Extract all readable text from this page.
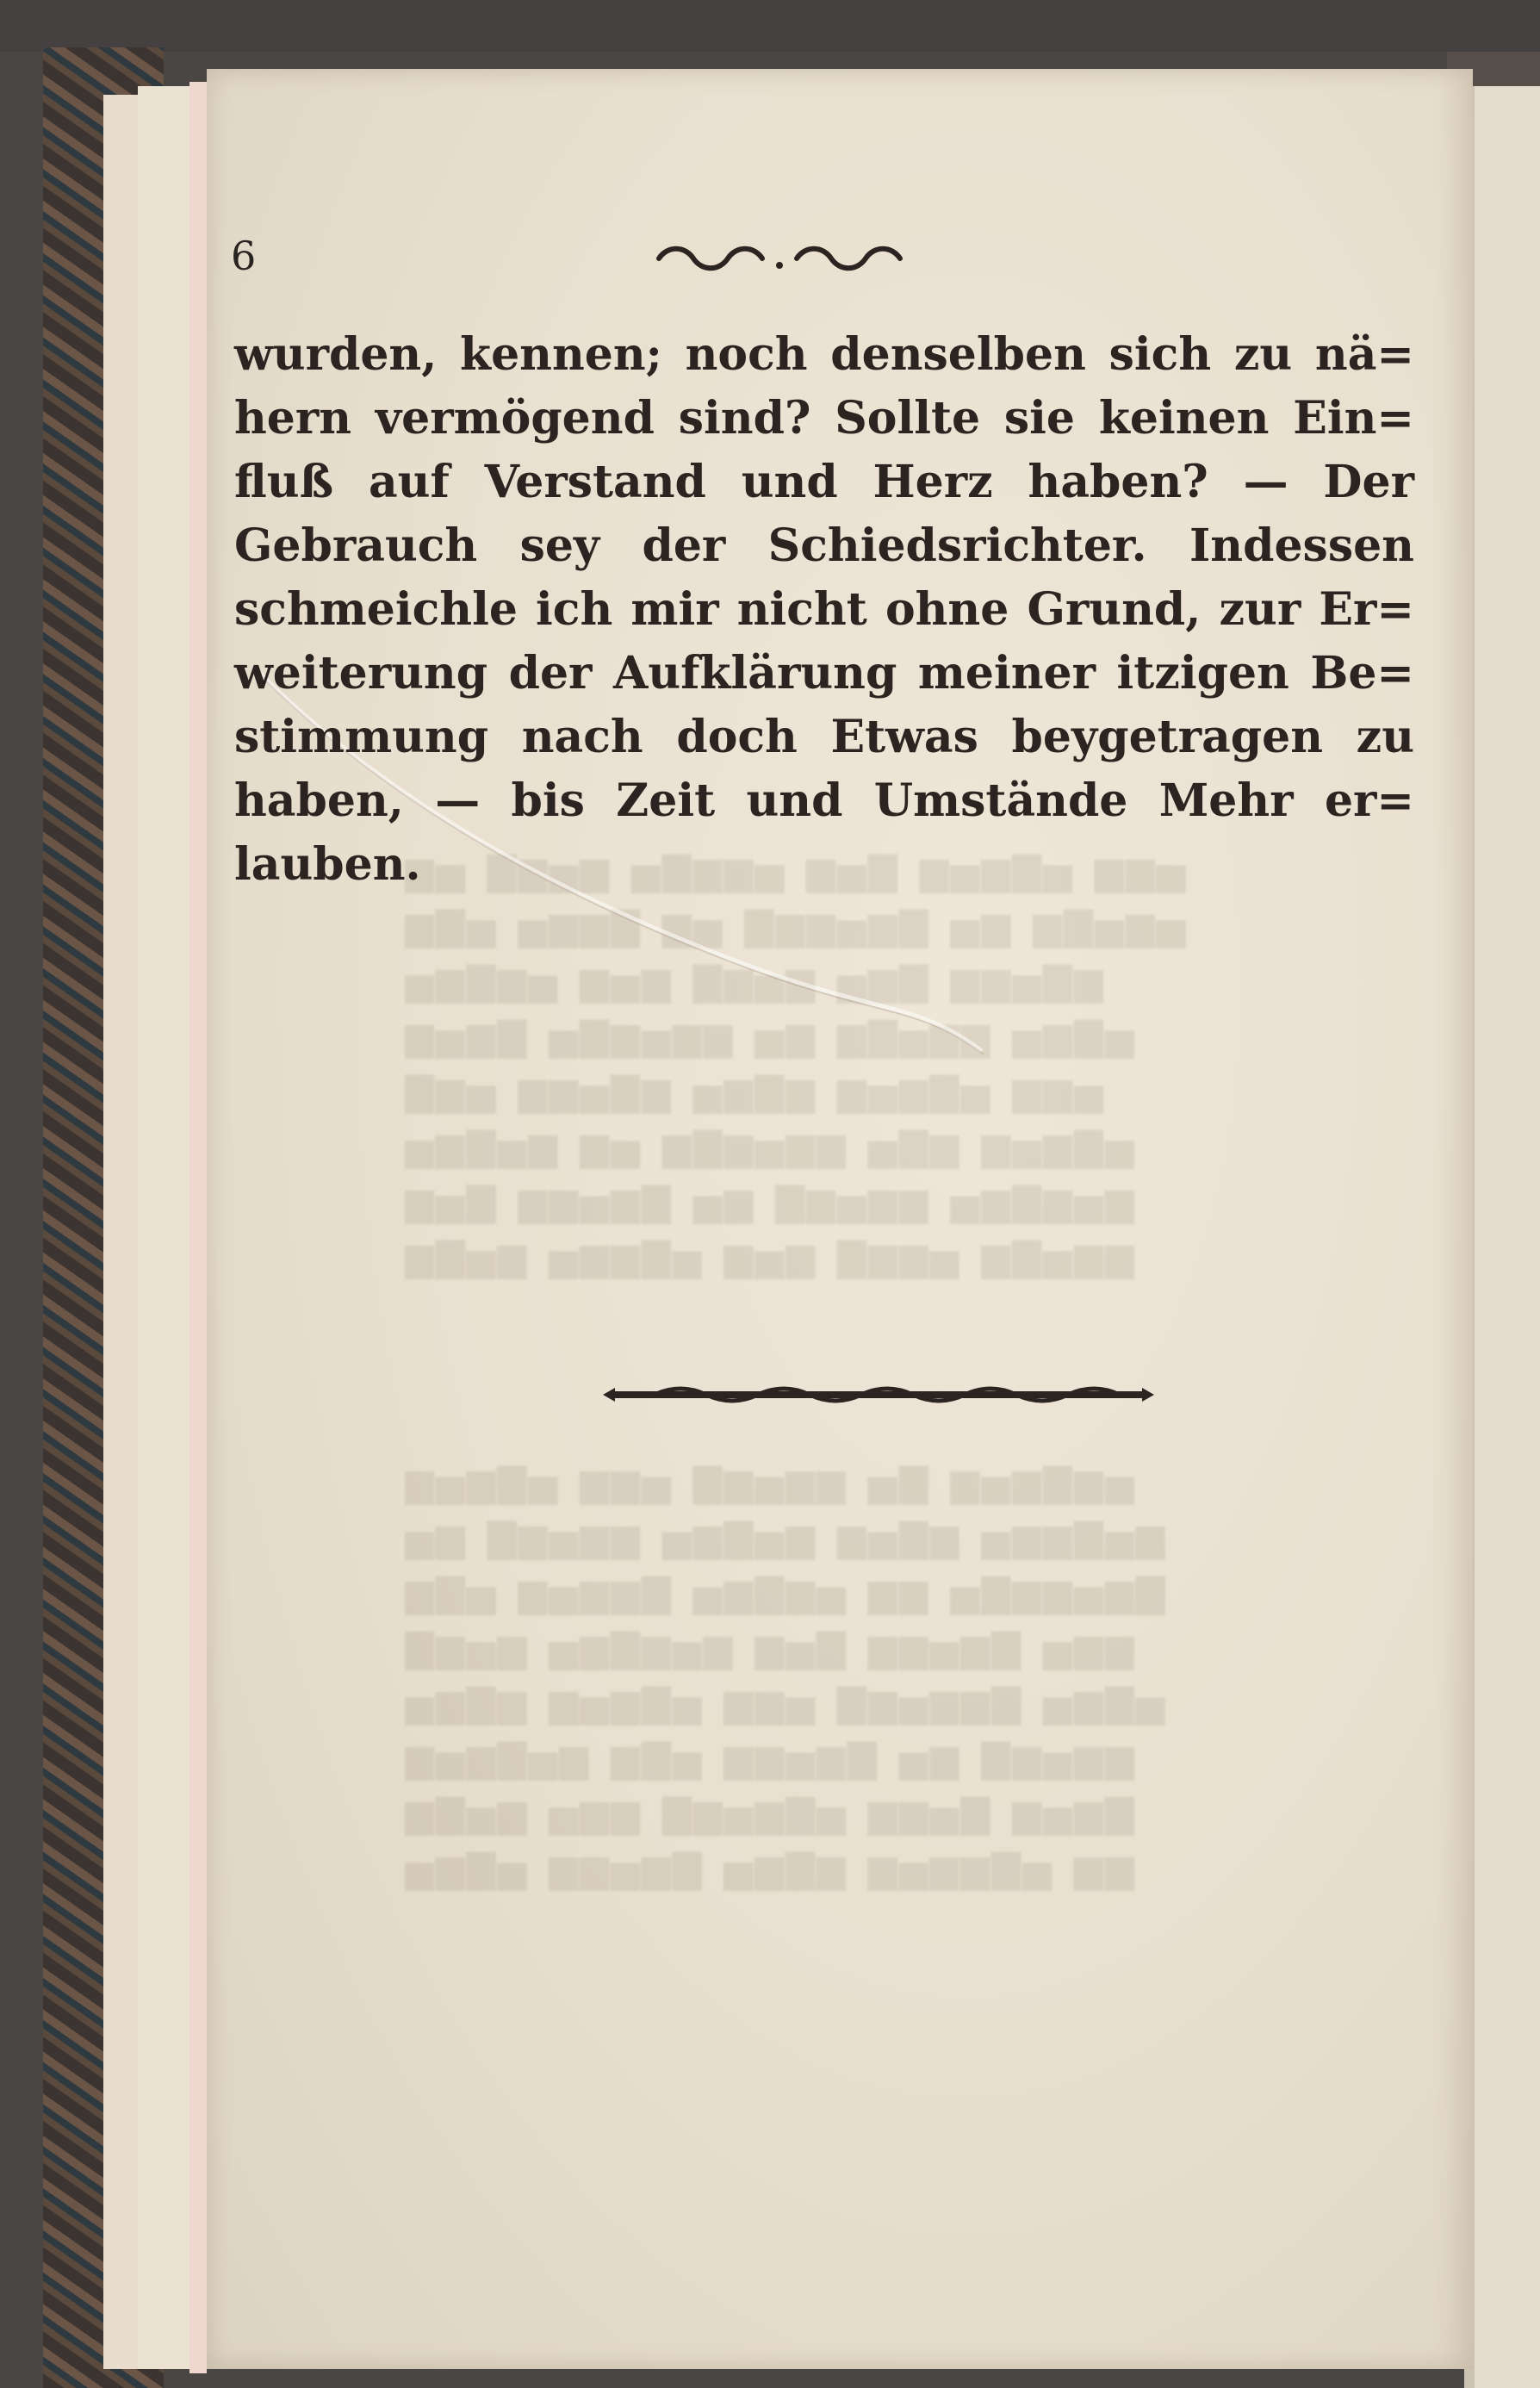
▆▅ ▇▆▅▆ ▅▇▆▆▅ ▆▅▇ ▆▅▆▇▅ ▆▆▅
▆▇▅ ▅▆▆▇ ▆▅ ▇▆▆▅▆▇ ▅▆ ▆▇▅▆▅
▅▆▇▆▅ ▆▅▆ ▇▆▅▆ ▅▆▇ ▆▆▅▇▆
▆▅▆▇ ▅▇▆▅▆▆ ▅▆ ▆▇▅▆▆ ▅▆▇▅
▇▆▅ ▆▆▅▇▆ ▅▆▇▆ ▆▅▆▇▅ ▆▆▅
▅▆▇▅▆ ▆▅ ▆▇▆▅▆▆ ▅▇▆ ▆▅▆▇▅
▆▅▇ ▆▆▅▆▇ ▅▆ ▇▆▅▆▆ ▅▆▇▆▅▆
▆▇▅▆ ▅▆▆▇▅ ▆▅▆ ▇▆▆▅ ▆▇▅▆▆
▆▅▆▇▅ ▆▆▅ ▇▆▅▆▆ ▅▇ ▆▅▆▇▆▅
▅▆ ▇▆▅▆▆ ▅▆▇▅▆ ▆▅▇▆ ▅▆▆▇▅▆
▆▇▅ ▆▅▆▆▇ ▅▆▇▆▅ ▆▆ ▅▇▆▆▅▆▇
▇▆▅▆ ▅▆▇▆▅▆ ▆▅▇ ▆▆▅▆▇ ▅▆▆
▅▆▇▆ ▆▅▆▇▅ ▆▆▅ ▇▆▅▆▆▇ ▅▆▇▅
▆▅▆▇▅▆ ▆▇▅ ▆▆▅▆▇ ▅▆ ▇▆▅▆▆
▆▇▅▆ ▅▆▆ ▇▆▅▆▇▅ ▆▆▅▇ ▆▅▆▇
▅▆▇▅ ▆▆▅▆▇ ▅▆▇▆ ▆▅▆▆▇▅ ▆▆
6
wurden, kennen; noch denselben sich zu nä=
hern vermögend sind? Sollte sie keinen Ein=
fluß auf Verstand und Herz haben? — Der
Gebrauch sey der Schiedsrichter. Indessen
schmeichle ich mir nicht ohne Grund, zur Er=
weiterung der Aufklärung meiner itzigen Be=
stimmung nach doch Etwas beygetragen zu
haben, — bis Zeit und Umstände Mehr er=
lauben.
